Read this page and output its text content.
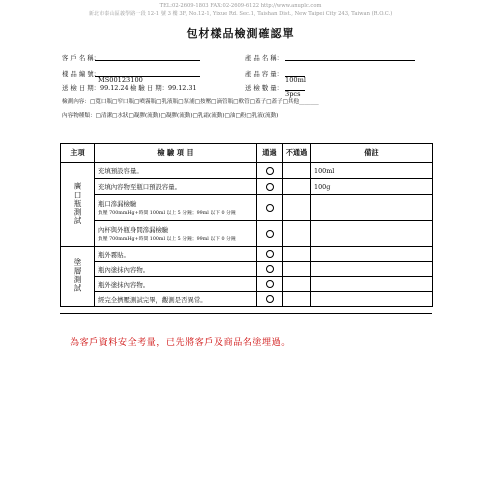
TEL:02-2609-1803 FAX:02-2609-6122 http://www.anuplc.com
新北市泰山區義學路一段 12-1 號 3 樓 3F, No.12-1, Yixue Rd. Sec.1, Taishan Dist., New Taipei City 243, Taiwan (R.O.C.)
包材樣品檢測確認單
客 戶 名 稱：	產 品 名 稱：
樣 品 編 號：
MS00123100
產 品 容 量：
100ml
送 檢 日 期：99.12.24 檢 驗 日 期：99.12.31	送 檢 數 量：
3pcs
檢測內容：□寬口瓶□窄口瓶□噴霧瓶□乳液瓶□泵浦□按壓□滴管瓶□軟管□蓋子□蓋子□其他_______
內容物種類：□清潔□水狀□凝膠(流動)□凝膠(流動)□乳霜(流動)□油□粉□乳液(流動)
主項	檢 驗 項 目	通過	不通過	備註
廣口瓶測試	充填預設容量。			100ml
	充填內容物至瓶口預設容量。			100g
	瓶口滲漏檢驗
負壓 700mmHg+時間 100ml 以上 5 分鐘；99ml 以下 0 分鐘			

	內杯與外瓶身間滲漏檢驗
負壓 700mmHg+時間 100ml 以上 5 分鐘；99ml 以下 0 分鐘			

塗層測試	瓶外霧貼。			
	瓶內塗抹內容物。			
	瓶外塗抹內容物。			
	經完全擠壓測試完畢，觀測是否異常。			
為客戶資料安全考量，已先將客戶及商品名塗埋過。
